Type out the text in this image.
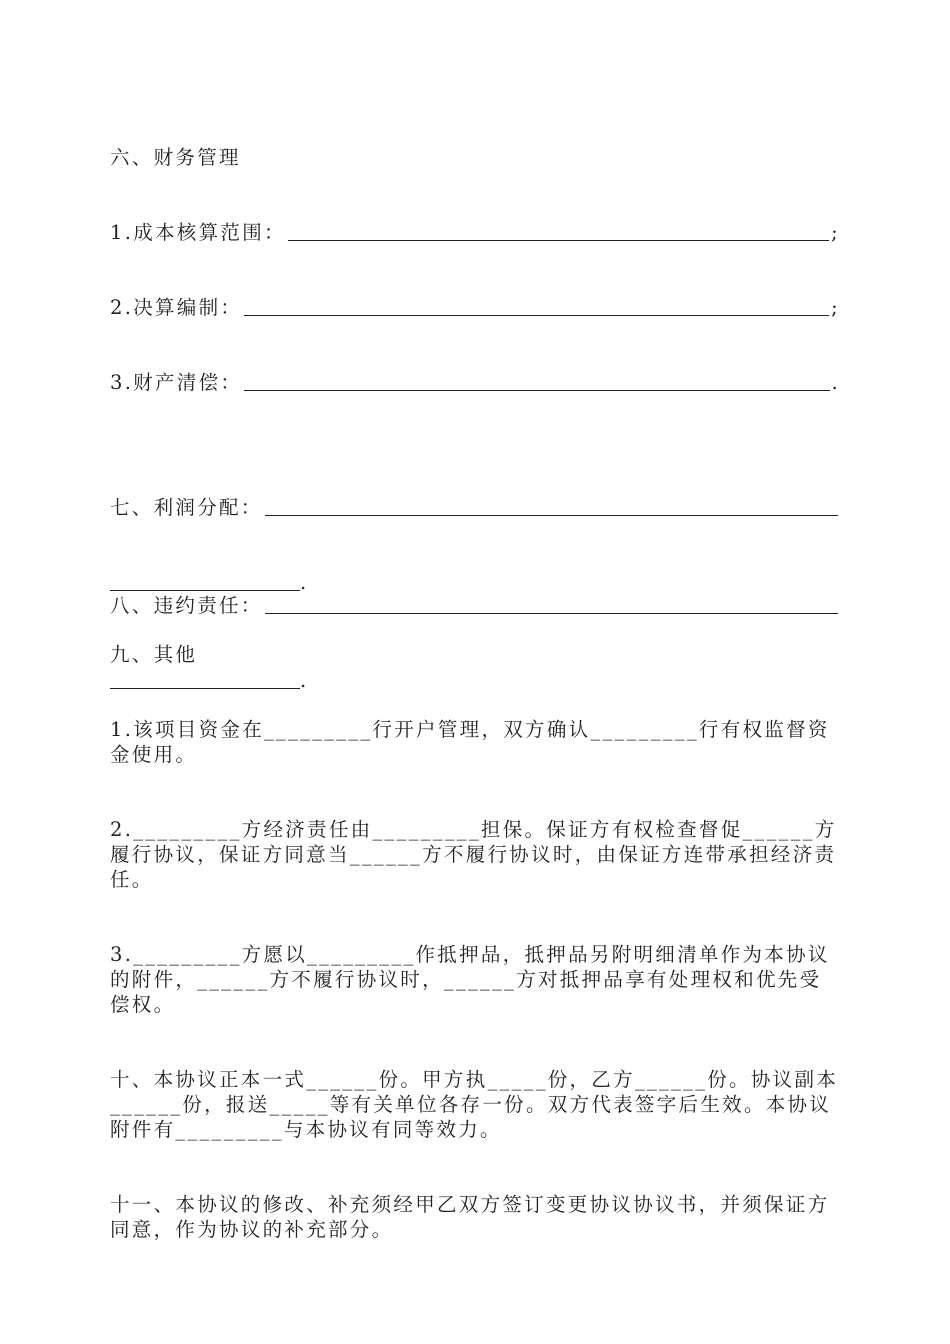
六、财务管理

1.成本核算范围：	;
2.决算编制：	;
3.财产清偿：	.

七、利润分配：

.

八、违约责任：

.

九、其他

1.该项目资金在_________行开户管理，双方确认_________行有权监督资金使用。

2._________方经济责任由_________担保。保证方有权检查督促______方履行协议，保证方同意当______方不履行协议时，由保证方连带承担经济责任。

3._________方愿以_________作抵押品，抵押品另附明细清单作为本协议的附件，______方不履行协议时，______方对抵押品享有处理权和优先受偿权。

十、本协议正本一式______份。甲方执_____份，乙方______份。协议副本______份，报送_____等有关单位各存一份。双方代表签字后生效。本协议附件有_________与本协议有同等效力。

十一、本协议的修改、补充须经甲乙双方签订变更协议协议书，并须保证方同意，作为协议的补充部分。
